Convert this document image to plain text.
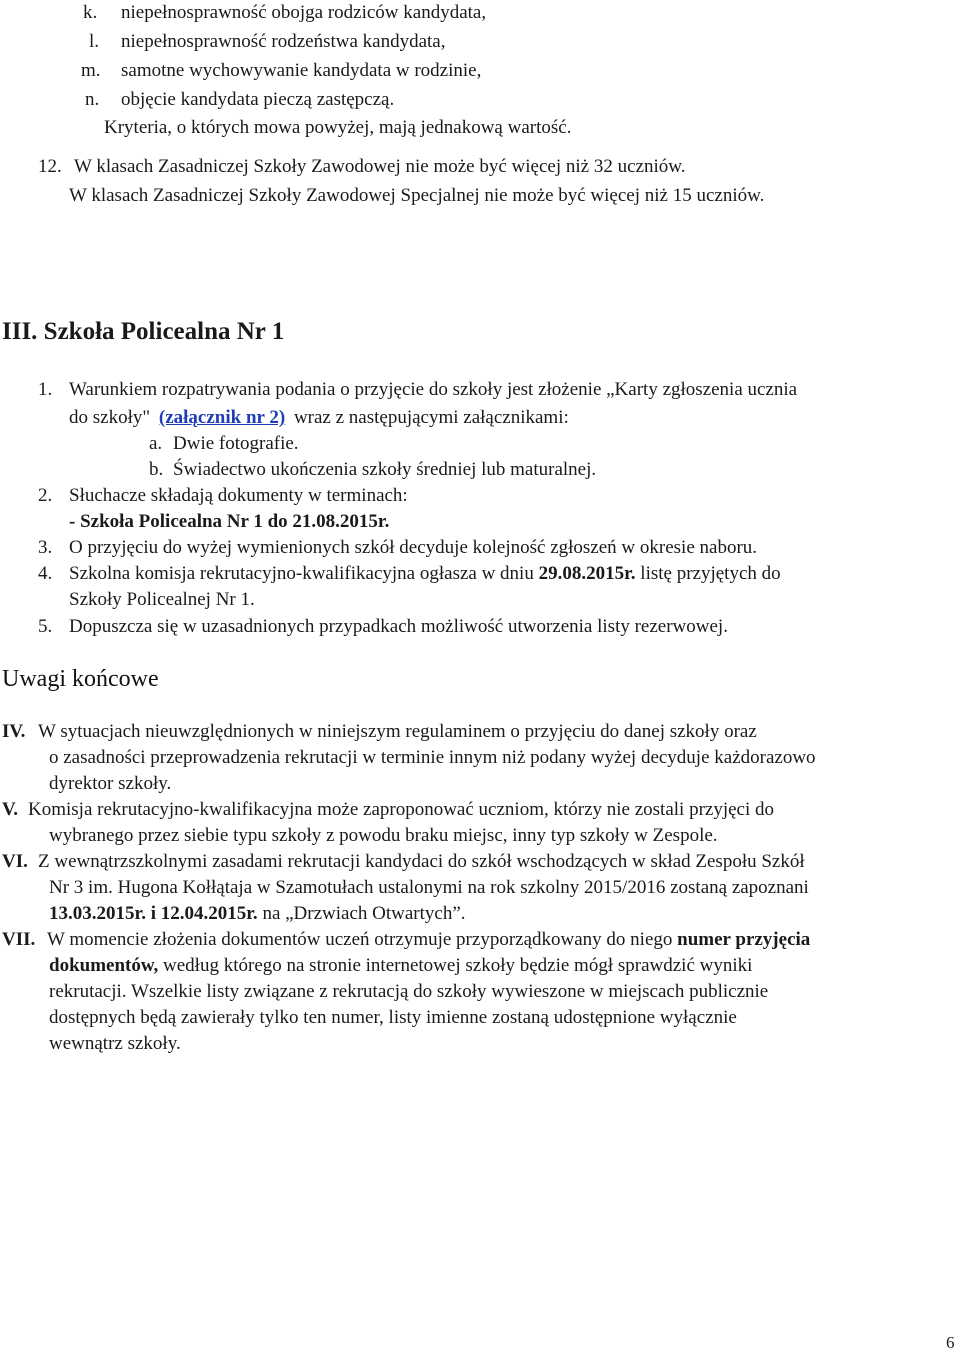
k. niepełnosprawność obojga rodziców kandydata,
l. niepełnosprawność rodzeństwa kandydata,
m. samotne wychowywanie kandydata w rodzinie,
n. objęcie kandydata pieczą zastępczą.
Kryteria, o których mowa powyżej, mają jednakową wartość.
12. W klasach Zasadniczej Szkoły Zawodowej nie może być więcej niż 32 uczniów.
W klasach Zasadniczej Szkoły Zawodowej Specjalnej nie może być więcej niż 15 uczniów.
III. Szkoła Policealna Nr 1
1. Warunkiem rozpatrywania podania o przyjęcie do szkoły jest złożenie „Karty zgłoszenia ucznia
do szkoły" (załącznik nr 2) wraz z następującymi załącznikami:
a. Dwie fotografie.
b. Świadectwo ukończenia szkoły średniej lub maturalnej.
2. Słuchacze składają dokumenty w terminach:
- Szkoła Policealna Nr 1 do 21.08.2015r.
3. O przyjęciu do wyżej wymienionych szkół decyduje kolejność zgłoszeń w okresie naboru.
4. Szkolna komisja rekrutacyjno-kwalifikacyjna ogłasza w dniu 29.08.2015r. listę przyjętych do
Szkoły Policealnej Nr 1.
5. Dopuszcza się w uzasadnionych przypadkach możliwość utworzenia listy rezerwowej.
Uwagi końcowe
IV. W sytuacjach nieuwzględnionych w niniejszym regulaminem o przyjęciu do danej szkoły oraz
o zasadności przeprowadzenia rekrutacji w terminie innym niż podany wyżej decyduje każdorazowo
dyrektor szkoły.
V. Komisja rekrutacyjno-kwalifikacyjna może zaproponować uczniom, którzy nie zostali przyjęci do
wybranego przez siebie typu szkoły z powodu braku miejsc, inny typ szkoły w Zespole.
VI. Z wewnątrzszkolnymi zasadami rekrutacji kandydaci do szkół wschodzących w skład Zespołu Szkół
Nr 3 im. Hugona Kołłątaja w Szamotułach ustalonymi na rok szkolny 2015/2016 zostaną zapoznani
13.03.2015r. i 12.04.2015r. na „Drzwiach Otwartych”.
VII. W momencie złożenia dokumentów uczeń otrzymuje przyporządkowany do niego numer przyjęcia
dokumentów, według którego na stronie internetowej szkoły będzie mógł sprawdzić wyniki
rekrutacji. Wszelkie listy związane z rekrutacją do szkoły wywieszone w miejscach publicznie
dostępnych będą zawierały tylko ten numer, listy imienne zostaną udostępnione wyłącznie
wewnątrz szkoły.
6
